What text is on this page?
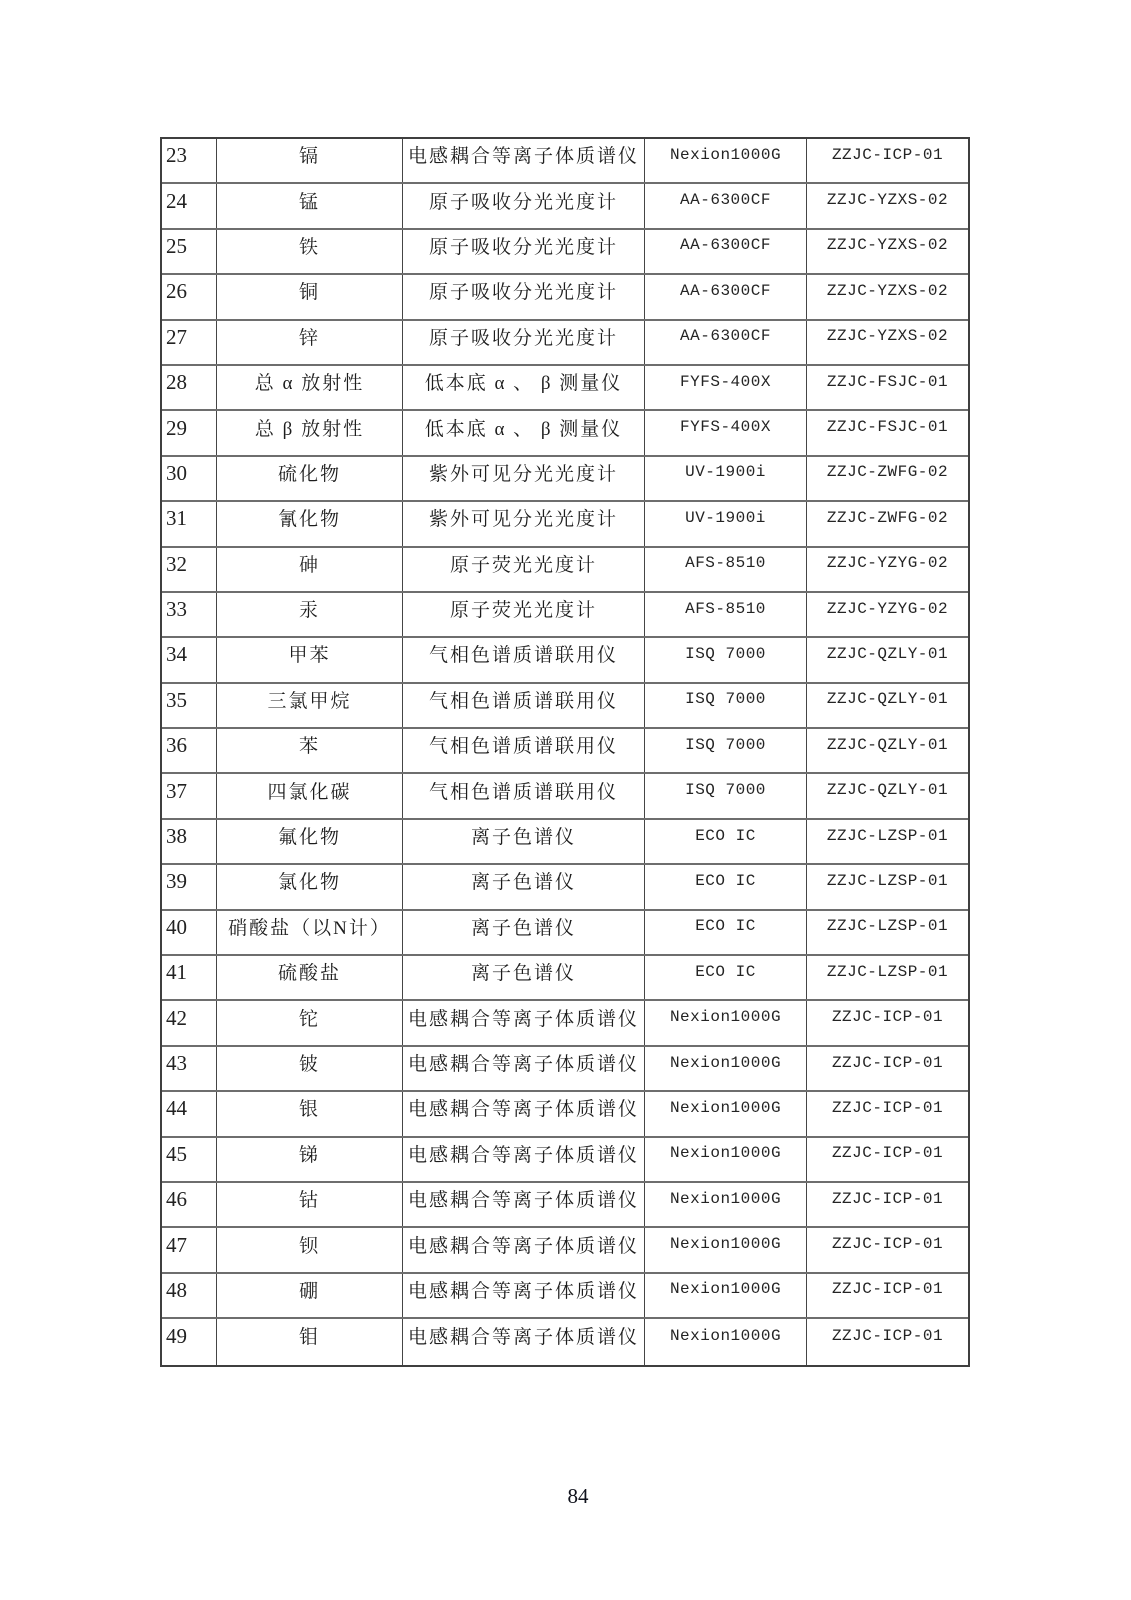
23	镉	电感耦合等离子体质谱仪	Nexion1000G	ZZJC-ICP-01
24	锰	原子吸收分光光度计	AA-6300CF	ZZJC-YZXS-02
25	铁	原子吸收分光光度计	AA-6300CF	ZZJC-YZXS-02
26	铜	原子吸收分光光度计	AA-6300CF	ZZJC-YZXS-02
27	锌	原子吸收分光光度计	AA-6300CF	ZZJC-YZXS-02
28	总 α 放射性	低本底 α 、 β 测量仪	FYFS-400X	ZZJC-FSJC-01
29	总 β 放射性	低本底 α 、 β 测量仪	FYFS-400X	ZZJC-FSJC-01
30	硫化物	紫外可见分光光度计	UV-1900i	ZZJC-ZWFG-02
31	氰化物	紫外可见分光光度计	UV-1900i	ZZJC-ZWFG-02
32	砷	原子荧光光度计	AFS-8510	ZZJC-YZYG-02
33	汞	原子荧光光度计	AFS-8510	ZZJC-YZYG-02
34	甲苯	气相色谱质谱联用仪	ISQ 7000	ZZJC-QZLY-01
35	三氯甲烷	气相色谱质谱联用仪	ISQ 7000	ZZJC-QZLY-01
36	苯	气相色谱质谱联用仪	ISQ 7000	ZZJC-QZLY-01
37	四氯化碳	气相色谱质谱联用仪	ISQ 7000	ZZJC-QZLY-01
38	氟化物	离子色谱仪	ECO IC	ZZJC-LZSP-01
39	氯化物	离子色谱仪	ECO IC	ZZJC-LZSP-01
40	硝酸盐（以N计）	离子色谱仪	ECO IC	ZZJC-LZSP-01
41	硫酸盐	离子色谱仪	ECO IC	ZZJC-LZSP-01
42	铊	电感耦合等离子体质谱仪	Nexion1000G	ZZJC-ICP-01
43	铍	电感耦合等离子体质谱仪	Nexion1000G	ZZJC-ICP-01
44	银	电感耦合等离子体质谱仪	Nexion1000G	ZZJC-ICP-01
45	锑	电感耦合等离子体质谱仪	Nexion1000G	ZZJC-ICP-01
46	钴	电感耦合等离子体质谱仪	Nexion1000G	ZZJC-ICP-01
47	钡	电感耦合等离子体质谱仪	Nexion1000G	ZZJC-ICP-01
48	硼	电感耦合等离子体质谱仪	Nexion1000G	ZZJC-ICP-01
49	钼	电感耦合等离子体质谱仪	Nexion1000G	ZZJC-ICP-01
84
